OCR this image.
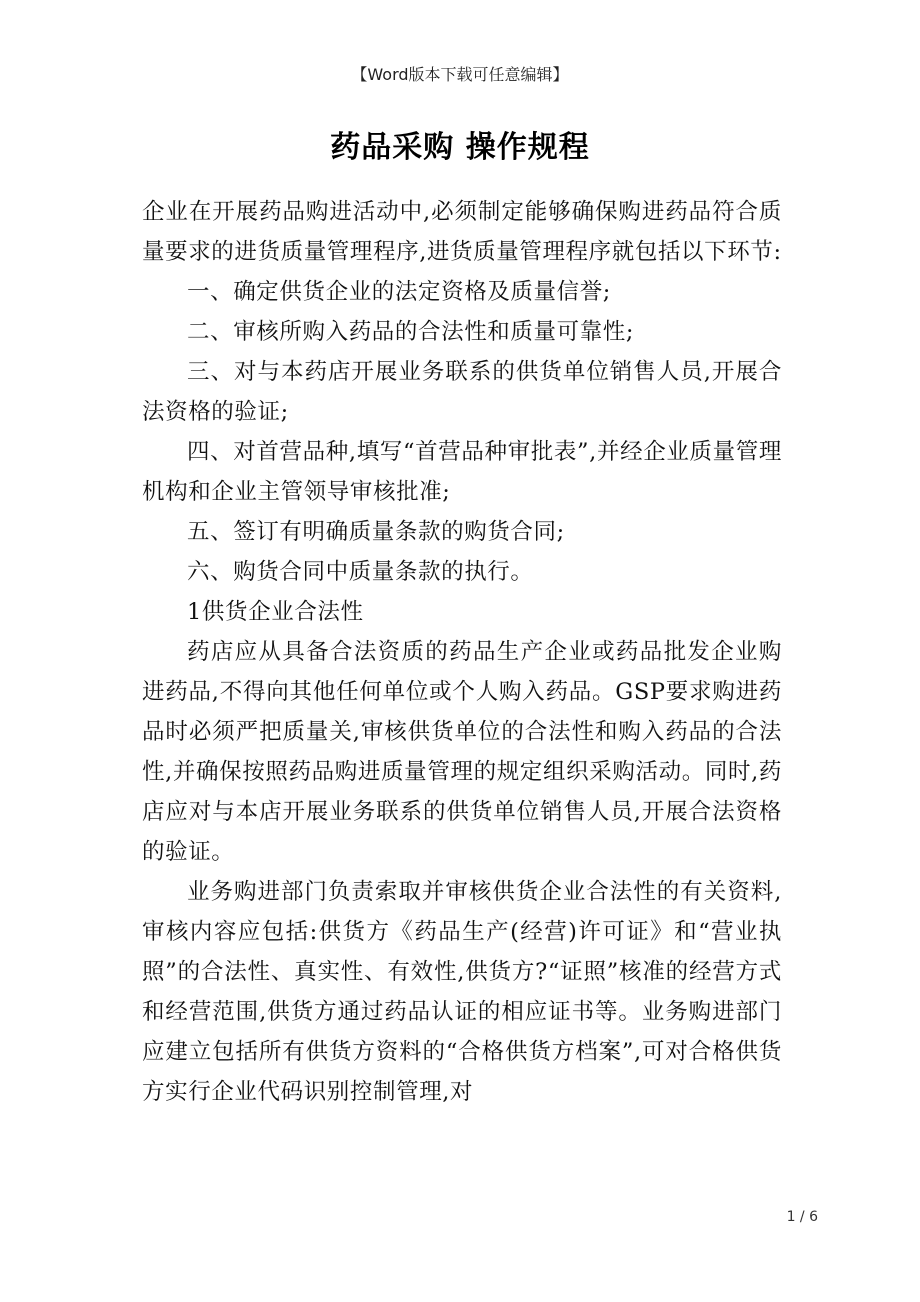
【Word版本下载可任意编辑】
药品采购 操作规程

企业在开展药品购进活动中,必须制定能够确保购进药品符合质量要求的进货质量管理程序,进货质量管理程序就包括以下环节:

一、确定供货企业的法定资格及质量信誉;

二、审核所购入药品的合法性和质量可靠性;

三、对与本药店开展业务联系的供货单位销售人员,开展合法资格的验证;

四、对首营品种,填写“首营品种审批表”,并经企业质量管理机构和企业主管领导审核批准;

五、签订有明确质量条款的购货合同;

六、购货合同中质量条款的执行。

1供货企业合法性

药店应从具备合法资质的药品生产企业或药品批发企业购进药品,不得向其他任何单位或个人购入药品。GSP要求购进药品时必须严把质量关,审核供货单位的合法性和购入药品的合法性,并确保按照药品购进质量管理的规定组织采购活动。同时,药店应对与本店开展业务联系的供货单位销售人员,开展合法资格的验证。

业务购进部门负责索取并审核供货企业合法性的有关资料,审核内容应包括:供货方《药品生产(经营)许可证》和“营业执照”的合法性、真实性、有效性,供货方?“证照”核准的经营方式和经营范围,供货方通过药品认证的相应证书等。业务购进部门应建立包括所有供货方资料的“合格供货方档案”,可对合格供货方实行企业代码识别控制管理,对

1 / 6
